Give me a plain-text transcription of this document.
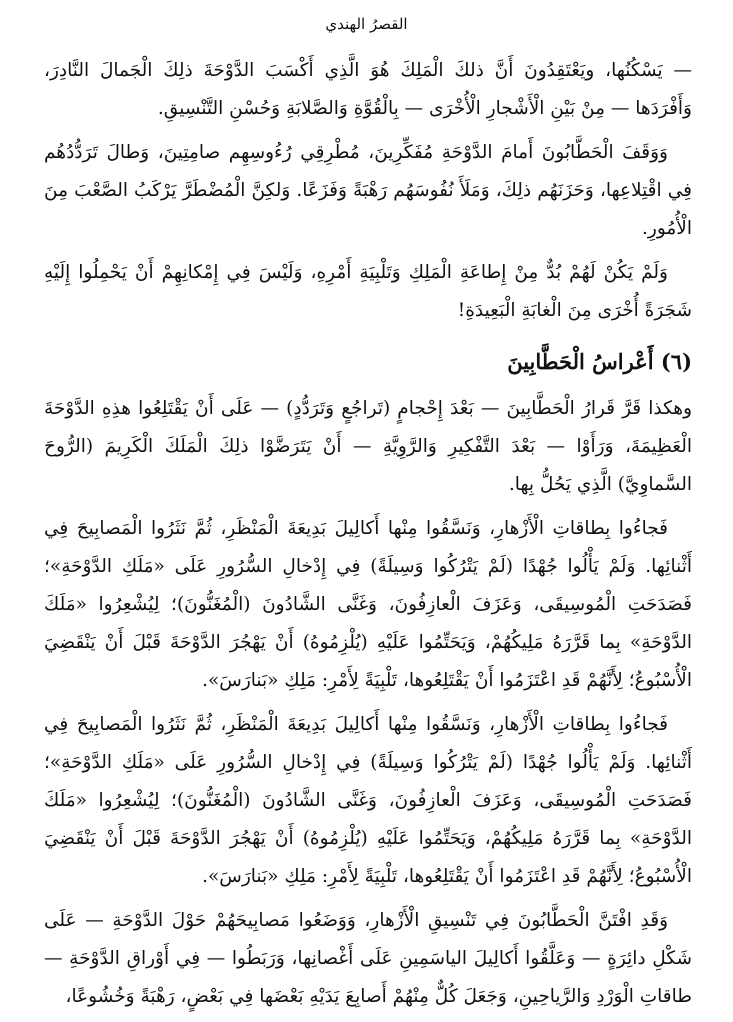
القصرُ الهندي

— يَسْكُنُها، ويَعْتَقِدُونَ أَنَّ ذلكَ الْمَلِكَ هُوَ الَّذِي أَكْسَبَ الدَّوْحَةَ ذلِكَ الْجَمالَ النَّادِرَ، وَأَفْرَدَها — مِنْ بَيْنِ الْأَشْجارِ الْأُخْرَى — بِالْقُوَّةِ وَالصَّلابَةِ وَحُسْنِ التَّنْسِيقِ.

وَوَقَفَ الْحَطَّابُونَ أَمامَ الدَّوْحَةِ مُفَكِّرِينَ، مُطْرِقِي رُءُوسِهِم صامِتِينَ، وَطالَ تَرَدُّدُهُم فِي اقْتِلاعِها، وَحَزَنَهُم ذلِكَ، وَمَلَأَ نُفُوسَهُم رَهْبَةً وَفَزَعًا. وَلكِنَّ الْمُضْطَرَّ يَرْكَبُ الصَّعْبَ مِنَ الْأُمُورِ.

وَلَمْ يَكُنْ لَهُمْ بُدٌّ مِنْ إِطاعَةِ الْمَلِكِ وَتَلْبِيَةِ أَمْرِهِ، وَلَيْسَ فِي إِمْكانِهِمْ أَنْ يَحْمِلُوا إِلَيْهِ شَجَرَةً أُخْرَى مِنَ الْغابَةِ الْبَعِيدَةِ!

(٦) أَعْراسُ الْحَطَّابِينَ

وهكذا قَرَّ قَرارُ الْحَطَّابِينَ — بَعْدَ إِحْجامٍ (تَراجُعٍ وَتَرَدُّدٍ) — عَلَى أَنْ يَقْتَلِعُوا هذِهِ الدَّوْحَةَ الْعَظِيمَةَ، وَرَأَوْا — بَعْدَ التَّفْكِيرِ وَالرَّوِيَّةِ — أَنْ يَتَرَضَّوْا ذلِكَ الْمَلَكَ الْكَرِيمَ (الرُّوحَ السَّماوِيَّ) الَّذِي يَحُلُّ بِها.

فَجاءُوا بِطاقاتِ الْأَزْهارِ، وَنَسَّقُوا مِنْها أَكالِيلَ بَدِيعَةَ الْمَنْظَرِ، ثُمَّ نَثَرُوا الْمَصابِيحَ فِي أَثْنائِها. وَلَمْ يَأْلُوا جُهْدًا (لَمْ يَتْرُكُوا وَسِيلَةً) فِي إِدْخالِ السُّرُورِ عَلَى «مَلَكِ الدَّوْحَةِ»؛ فَصَدَحَتِ الْمُوسِيقَى، وَعَزَفَ الْعازِفُونَ، وَغَنَّى الشَّادُونَ (الْمُغَنُّونَ)؛ لِيُشْعِرُوا «مَلَكَ الدَّوْحَةِ» بِما قَرَّرَهُ مَلِيكُهُمْ، وَيَحَتِّمُوا عَلَيْهِ (يُلْزِمُوهُ) أَنْ يَهْجُرَ الدَّوْحَةَ قَبْلَ أَنْ يَنْقَضِيَ الْأُسْبُوعُ؛ لِأَنَّهُمْ قَدِ اعْتَزَمُوا أَنْ يَقْتَلِعُوها، تَلْبِيَةً لِأَمْرِ: مَلِكِ «بَنارَسَ».

فَجاءُوا بِطاقاتِ الْأَزْهارِ، وَنَسَّقُوا مِنْها أَكالِيلَ بَدِيعَةَ الْمَنْظَرِ، ثُمَّ نَثَرُوا الْمَصابِيحَ فِي أَثْنائِها. وَلَمْ يَأْلُوا جُهْدًا (لَمْ يَتْرُكُوا وَسِيلَةً) فِي إِدْخالِ السُّرُورِ عَلَى «مَلَكِ الدَّوْحَةِ»؛ فَصَدَحَتِ الْمُوسِيقَى، وَعَزَفَ الْعازِفُونَ، وَغَنَّى الشَّادُونَ (الْمُغَنُّونَ)؛ لِيُشْعِرُوا «مَلَكَ الدَّوْحَةِ» بِما قَرَّرَهُ مَلِيكُهُمْ، وَيَحَتِّمُوا عَلَيْهِ (يُلْزِمُوهُ) أَنْ يَهْجُرَ الدَّوْحَةَ قَبْلَ أَنْ يَنْقَضِيَ الْأُسْبُوعُ؛ لِأَنَّهُمْ قَدِ اعْتَزَمُوا أَنْ يَقْتَلِعُوها، تَلْبِيَةً لِأَمْرِ: مَلِكِ «بَنارَسَ».

وَقَدِ افْتَنَّ الْحَطَّابُونَ فِي تَنْسِيقِ الْأَزْهارِ، وَوَضَعُوا مَصابِيحَهُمْ حَوْلَ الدَّوْحَةِ — عَلَى شَكْلِ دائِرَةٍ — وَعَلَّقُوا أَكالِيلَ الياسَمِينِ عَلَى أَغْصانِها، وَرَبَطُوا — فِي أَوْراقِ الدَّوْحَةِ — طاقاتِ الْوَرْدِ وَالرَّياحِينِ، وَجَعَلَ كُلٌّ مِنْهُمْ أَصابِعَ يَدَيْهِ بَعْضَها فِي بَعْضٍ، رَهْبَةً وَخُشُوعًا،
